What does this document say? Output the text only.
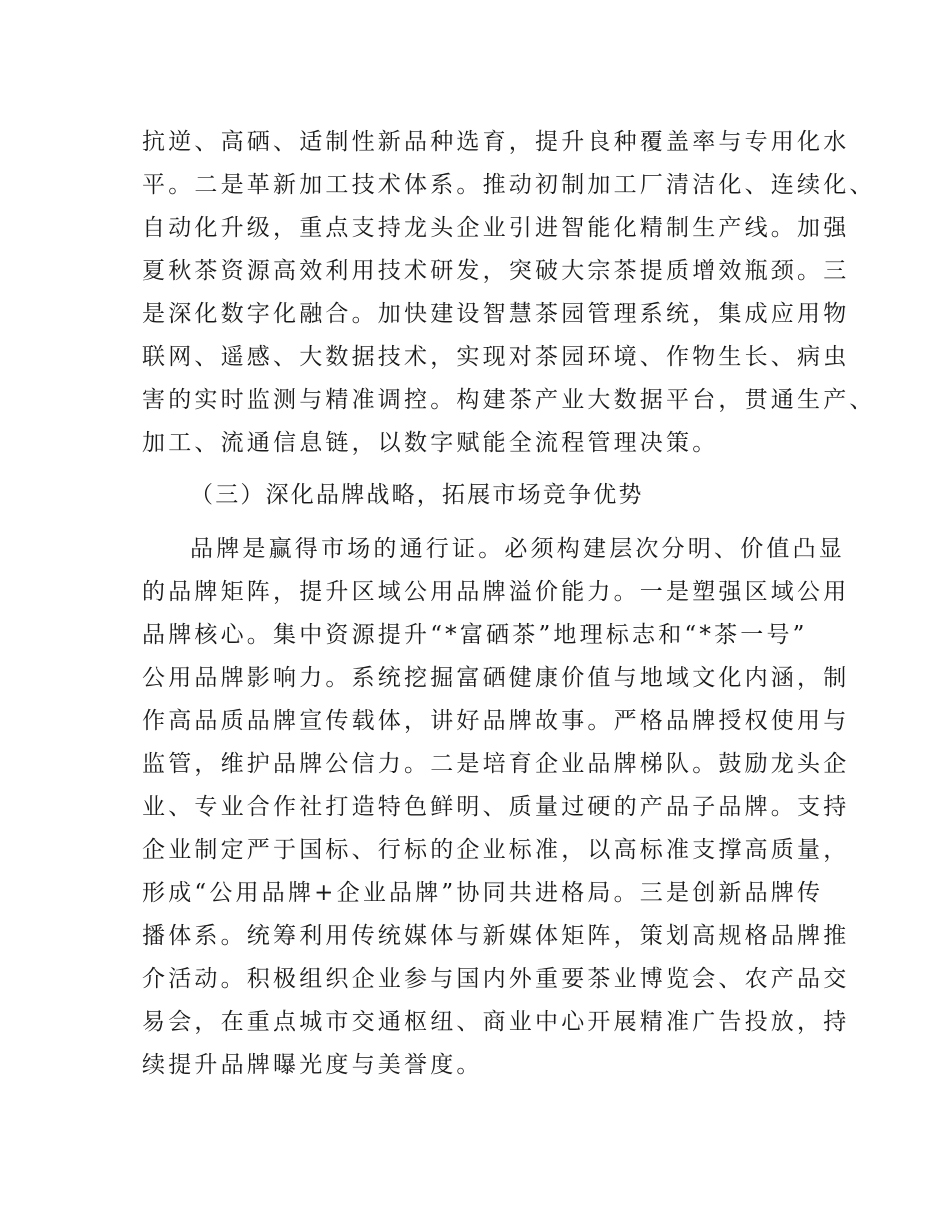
抗逆、高硒、适制性新品种选育，提升良种覆盖率与专用化水
平。二是革新加工技术体系。推动初制加工厂清洁化、连续化、
自动化升级，重点支持龙头企业引进智能化精制生产线。加强
夏秋茶资源高效利用技术研发，突破大宗茶提质增效瓶颈。三
是深化数字化融合。加快建设智慧茶园管理系统，集成应用物
联网、遥感、大数据技术，实现对茶园环境、作物生长、病虫
害的实时监测与精准调控。构建茶产业大数据平台，贯通生产、
加工、流通信息链，以数字赋能全流程管理决策。
（三）深化品牌战略，拓展市场竞争优势
品牌是赢得市场的通行证。必须构建层次分明、价值凸显
的品牌矩阵，提升区域公用品牌溢价能力。一是塑强区域公用
品牌核心。集中资源提升“*富硒茶”地理标志和“*茶一号”
公用品牌影响力。系统挖掘富硒健康价值与地域文化内涵，制
作高品质品牌宣传载体，讲好品牌故事。严格品牌授权使用与
监管，维护品牌公信力。二是培育企业品牌梯队。鼓励龙头企
业、专业合作社打造特色鲜明、质量过硬的产品子品牌。支持
企业制定严于国标、行标的企业标准，以高标准支撑高质量，
形成“公用品牌+企业品牌”协同共进格局。三是创新品牌传
播体系。统筹利用传统媒体与新媒体矩阵，策划高规格品牌推
介活动。积极组织企业参与国内外重要茶业博览会、农产品交
易会，在重点城市交通枢纽、商业中心开展精准广告投放，持
续提升品牌曝光度与美誉度。
